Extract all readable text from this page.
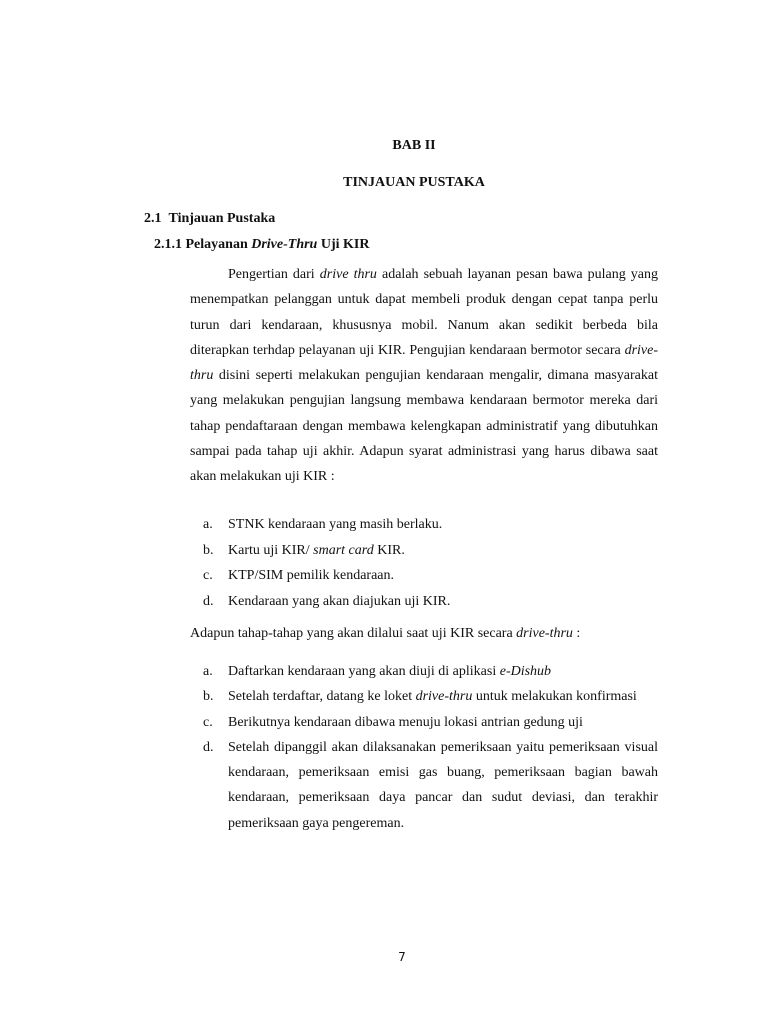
BAB II
TINJAUAN PUSTAKA
2.1 Tinjauan Pustaka
2.1.1 Pelayanan Drive-Thru Uji KIR
Pengertian dari drive thru adalah sebuah layanan pesan bawa pulang yang menempatkan pelanggan untuk dapat membeli produk dengan cepat tanpa perlu turun dari kendaraan, khususnya mobil. Nanum akan sedikit berbeda bila diterapkan terhdap pelayanan uji KIR. Pengujian kendaraan bermotor secara drive-thru disini seperti melakukan pengujian kendaraan mengalir, dimana masyarakat yang melakukan pengujian langsung membawa kendaraan bermotor mereka dari tahap pendaftaraan dengan membawa kelengkapan administratif yang dibutuhkan sampai pada tahap uji akhir. Adapun syarat administrasi yang harus dibawa saat akan melakukan uji KIR :
a. STNK kendaraan yang masih berlaku.
b. Kartu uji KIR/ smart card KIR.
c. KTP/SIM pemilik kendaraan.
d. Kendaraan yang akan diajukan uji KIR.
Adapun tahap-tahap yang akan dilalui saat uji KIR secara drive-thru :
a. Daftarkan kendaraan yang akan diuji di aplikasi e-Dishub
b. Setelah terdaftar, datang ke loket drive-thru untuk melakukan konfirmasi
c. Berikutnya kendaraan dibawa menuju lokasi antrian gedung uji
d. Setelah dipanggil akan dilaksanakan pemeriksaan yaitu pemeriksaan visual kendaraan, pemeriksaan emisi gas buang, pemeriksaan bagian bawah kendaraan, pemeriksaan daya pancar dan sudut deviasi, dan terakhir pemeriksaan gaya pengereman.
7
